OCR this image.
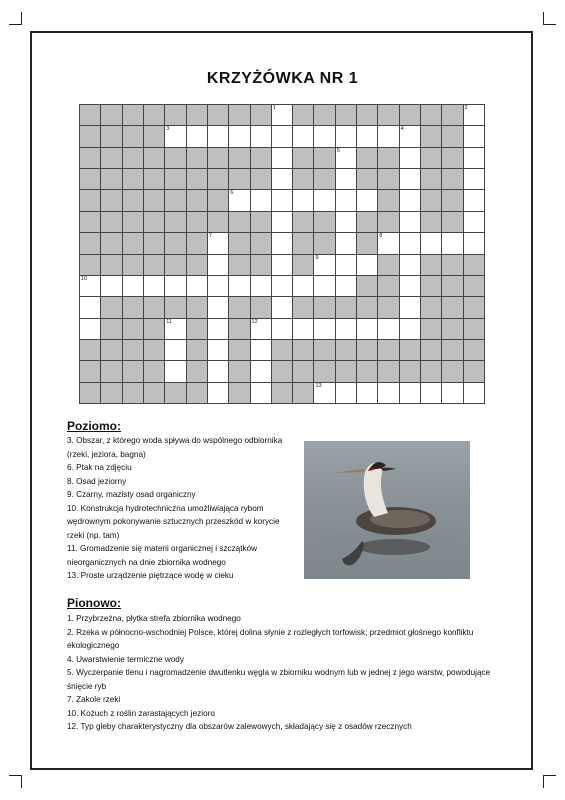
KRZYŻÓWKA NR 1
1	2
3	4
5
6
7	8
9
10
11	12
13
Poziomo:
3. Obszar, z którego woda spływa do wspólnego odbiornika (rzeki, jeziora, bagna)
6. Ptak na zdjęciu
8. Osad jeziorny
9. Czarny, mazisty osad organiczny
10. Konstrukcja hydrotechniczna umożliwiająca rybom wędrownym pokonywanie sztucznych przeszkód w korycie rzeki (np. tam)
11. Gromadzenie się materii organicznej i szczątków nieorganicznych na dnie zbiornika wodnego
13. Proste urządzenie piętrzące wodę w cieku
Pionowo:
1. Przybrzeżna, płytka strefa zbiornika wodnego
2. Rzeka w północno-wschodniej Polsce, której dolina słynie z rozległych torfowisk; przedmiot głośnego konfliktu ekologicznego
4. Uwarstwienie termiczne wody
5. Wyczerpanie tlenu i nagromadzenie dwutlenku węgla w zbiorniku wodnym lub w jednej z jego warstw, powodujące śnięcie ryb
7. Zakole rzeki
10. Kożuch z roślin zarastających jezioro
12. Typ gleby charakterystyczny dla obszarów zalewowych, składający się z osadów rzecznych
